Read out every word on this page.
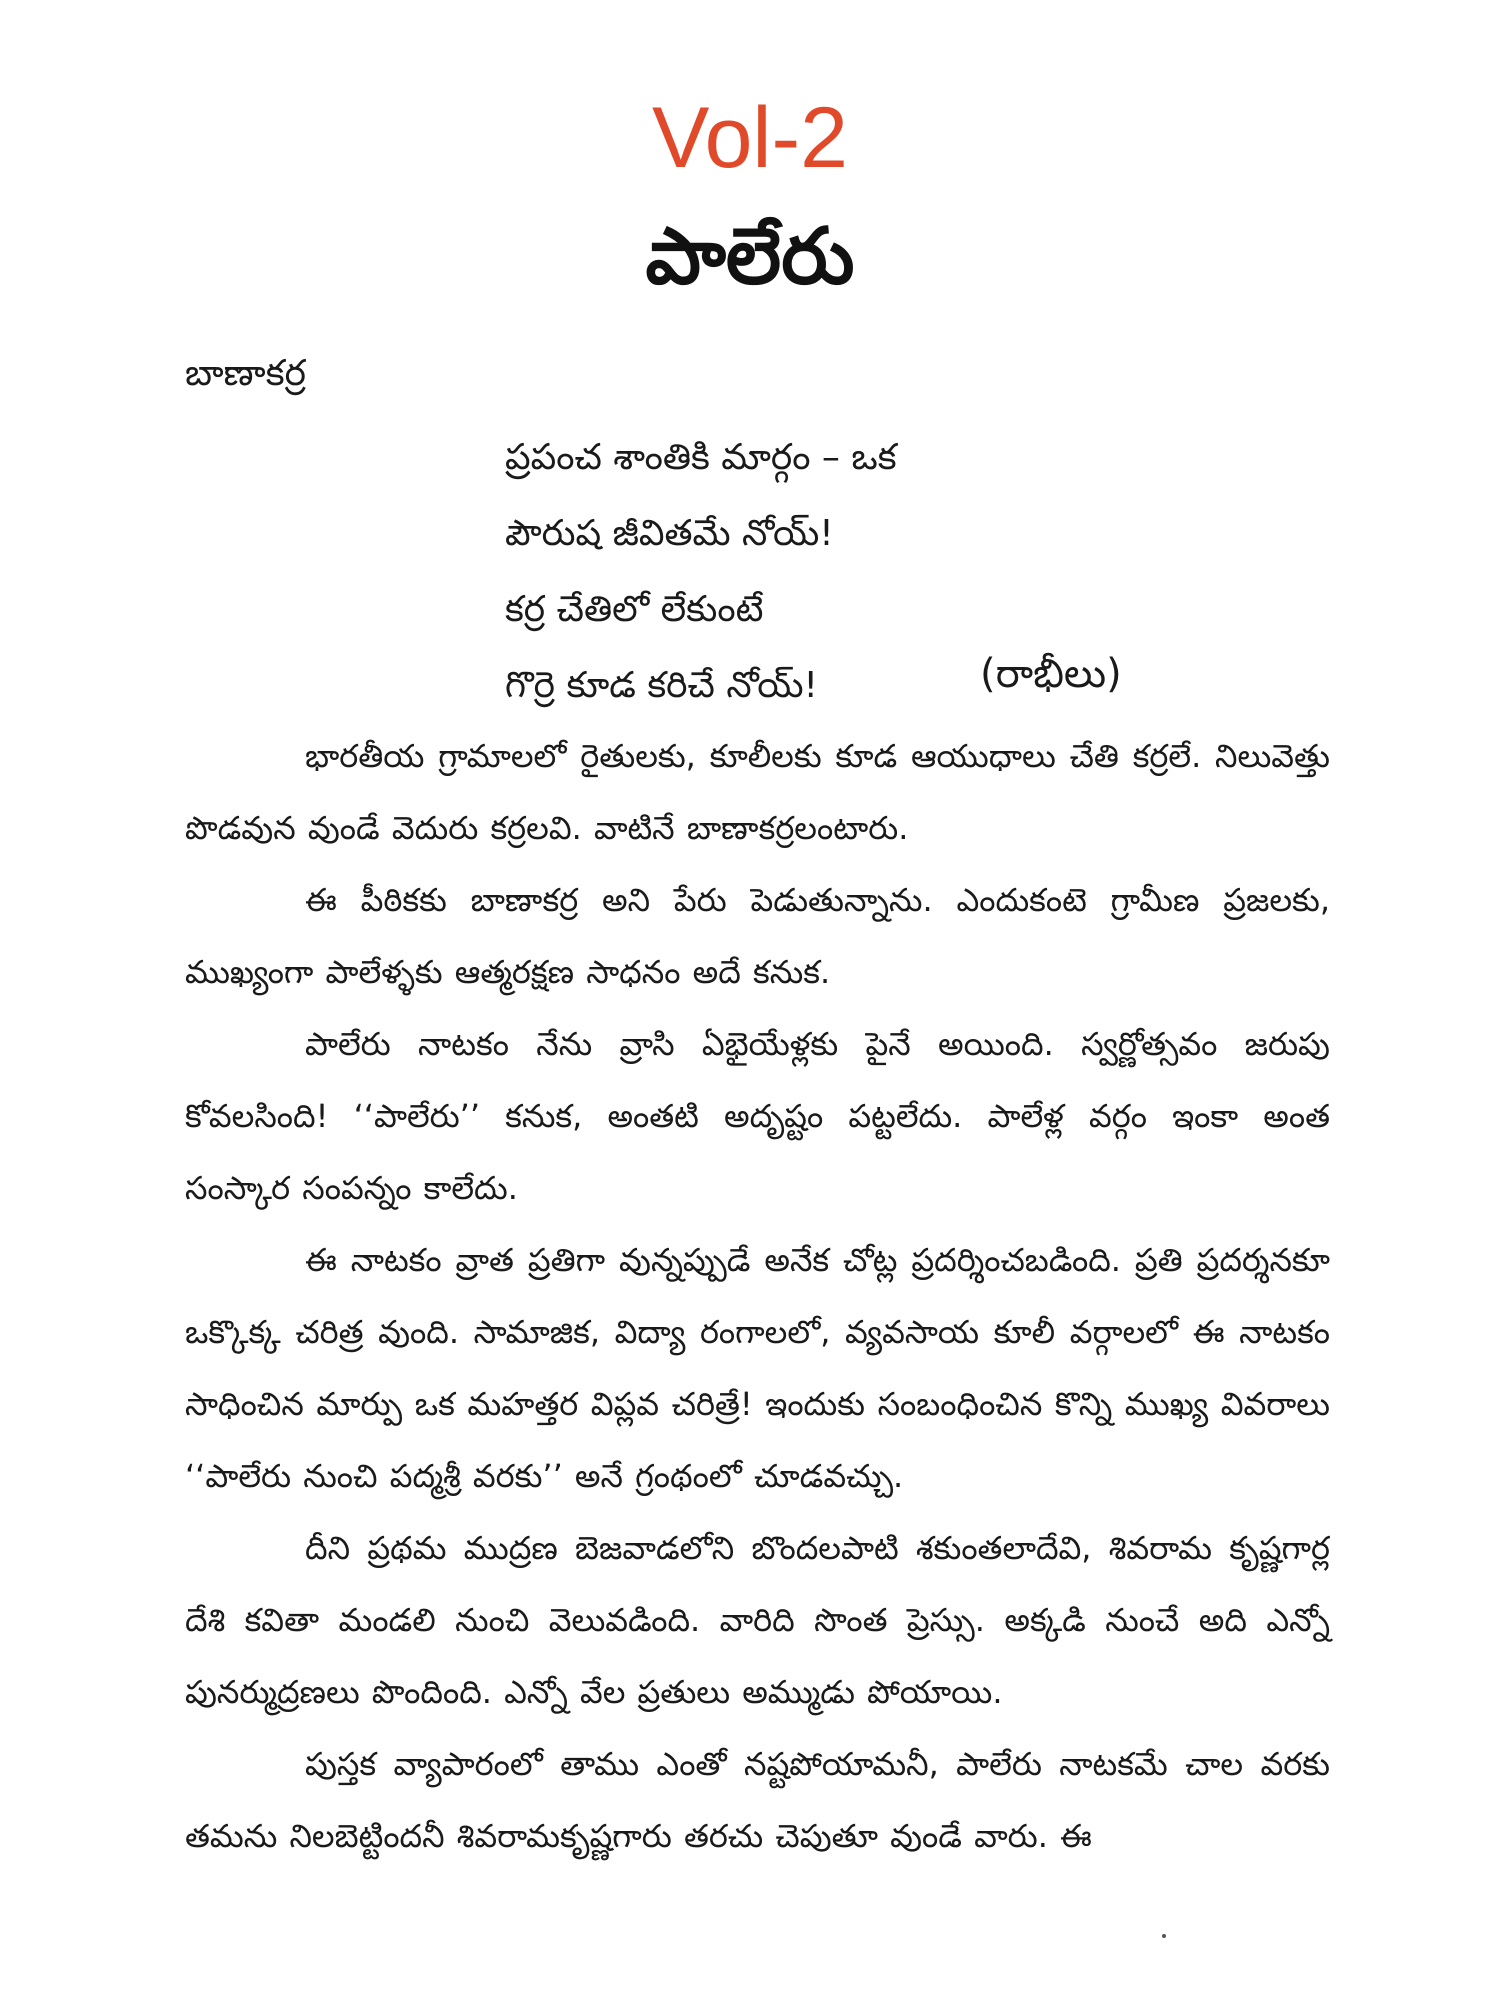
Vol-2
పాలేరు
బాణాకర్ర
ప్రపంచ శాంతికి మార్గం – ఒక
పౌరుష జీవితమే నోయ్!
కర్ర చేతిలో లేకుంటే
గొర్రె కూడ కరిచే నోయ్!	(రాభీలు)

భారతీయ గ్రామాలలో రైతులకు, కూలీలకు కూడ ఆయుధాలు చేతి కర్రలే. నిలువెత్తు పొడవున వుండే వెదురు కర్రలవి. వాటినే బాణాకర్రలంటారు.

ఈ పీఠికకు బాణాకర్ర అని పేరు పెడుతున్నాను. ఎందుకంటె గ్రామీణ ప్రజలకు, ముఖ్యంగా పాలేళ్ళకు ఆత్మరక్షణ సాధనం అదే కనుక.

పాలేరు నాటకం నేను వ్రాసి ఏభైయేళ్లకు పైనే అయింది. స్వర్ణోత్సవం జరుపు కోవలసింది! ‘‘పాలేరు’’ కనుక, అంతటి అదృష్టం పట్టలేదు. పాలేళ్ల వర్గం ఇంకా అంత సంస్కార సంపన్నం కాలేదు.

ఈ నాటకం వ్రాత ప్రతిగా వున్నప్పుడే అనేక చోట్ల ప్రదర్శించబడింది. ప్రతి ప్రదర్శనకూ ఒక్కొక్క చరిత్ర వుంది. సామాజిక, విద్యా రంగాలలో, వ్యవసాయ కూలీ వర్గాలలో ఈ నాటకం సాధించిన మార్పు ఒక మహత్తర విప్లవ చరిత్రే! ఇందుకు సంబంధించిన కొన్ని ముఖ్య వివరాలు ‘‘పాలేరు నుంచి పద్మశ్రీ వరకు’’ అనే గ్రంథంలో చూడవచ్చు.

దీని ప్రథమ ముద్రణ బెజవాడలోని బొందలపాటి శకుంతలాదేవి, శివరామ కృష్ణగార్ల దేశి కవితా మండలి నుంచి వెలువడింది. వారిది సొంత ప్రెస్సు. అక్కడి నుంచే అది ఎన్నో పునర్ముద్రణలు పొందింది. ఎన్నో వేల ప్రతులు అమ్ముడు పోయాయి.

పుస్తక వ్యాపారంలో తాము ఎంతో నష్టపోయామనీ, పాలేరు నాటకమే చాల వరకు తమను నిలబెట్టిందనీ శివరామకృష్ణగారు తరచు చెపుతూ వుండే వారు. ఈ
